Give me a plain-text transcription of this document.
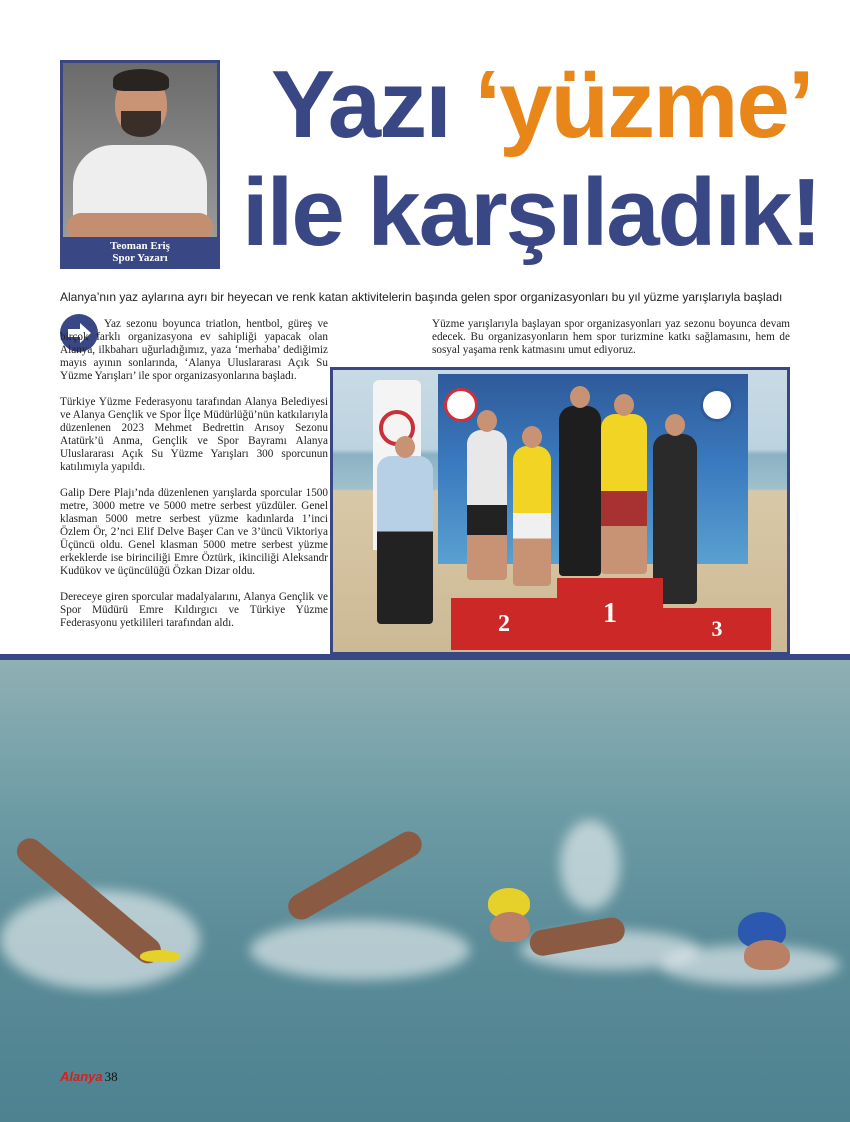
Teoman Eriş
Spor Yazarı
Yazı ‘yüzme’
ile karşıladık!
Alanya’nın yaz aylarına ayrı bir heyecan ve renk katan aktivitelerin başında gelen spor organizasyonları bu yıl yüzme yarışlarıyla başladı

Yaz sezonu boyunca triatlon, hentbol, güreş ve birçok farklı organizasyona ev sahipliği yapacak olan Alanya, ilkbaharı uğurladığımız, yaza ‘merhaba’ dediğimiz mayıs ayının sonlarında, ‘Alanya Uluslararası Açık Su Yüzme Yarışları’ ile spor organizasyonlarına başladı.

Türkiye Yüzme Federasyonu tarafından Alanya Belediyesi ve Alanya Gençlik ve Spor İlçe Müdürlüğü’nün katkılarıyla düzenlenen 2023 Mehmet Bedrettin Arısoy Sezonu Atatürk’ü Anma, Gençlik ve Spor Bayramı Alanya Uluslararası Açık Su Yüzme Yarışları 300 sporcunun katılımıyla yapıldı.

Galip Dere Plajı’nda düzenlenen yarışlarda sporcular 1500 metre, 3000 metre ve 5000 metre serbest yüzdüler. Genel klasman 5000 metre serbest yüzme kadınlarda 1’inci Özlem Ör, 2’nci Elif Delve Başer Can ve 3’üncü Viktoriya Üçüncü oldu. Genel klasman 5000 metre serbest yüzme erkeklerde ise birinciliği Emre Öztürk, ikinciliği Aleksandr Kudükov ve üçüncülüğü Özkan Dizar oldu.

Dereceye giren sporcular madalyalarını, Alanya Gençlik ve Spor Müdürü Emre Kıldırgıcı ve Türkiye Yüzme Federasyonu yetkilileri tarafından aldı.

Yüzme yarışlarıyla başlayan spor organizasyonları yaz sezonu boyunca devam edecek. Bu organizasyonların hem spor turizmine katkı sağlamasını, hem de sosyal yaşama renk katmasını umut ediyoruz.

2	1	3
Alanya 38
